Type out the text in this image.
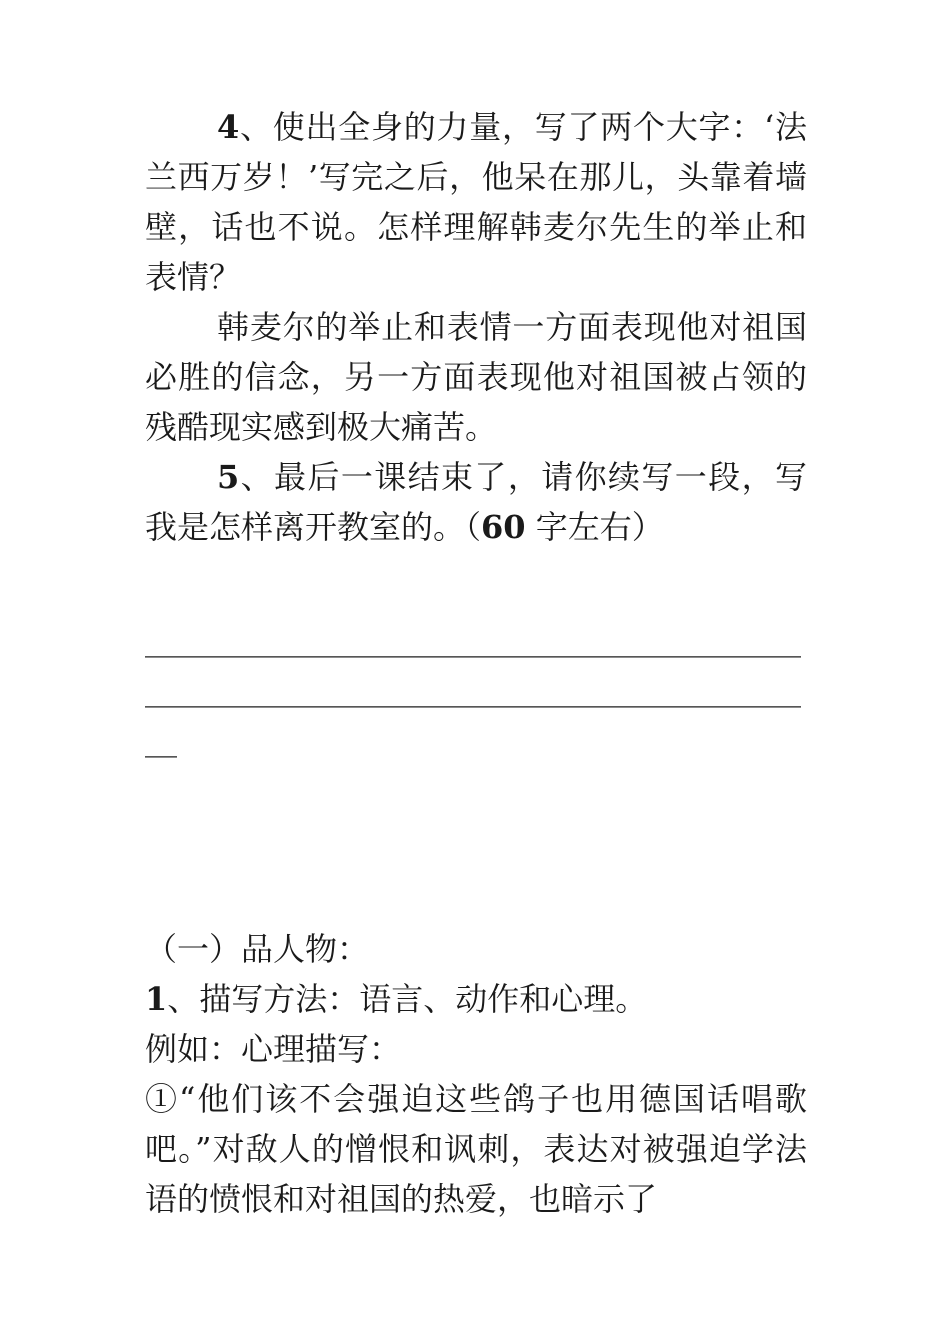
4、使出全身的力量，写了两个大字：‘法兰西万岁！’写完之后，他呆在那儿，头靠着墙壁，话也不说。怎样理解韩麦尔先生的举止和表情？

韩麦尔的举止和表情一方面表现他对祖国必胜的信念，另一方面表现他对祖国被占领的残酷现实感到极大痛苦。

5、最后一课结束了，请你续写一段，写我是怎样离开教室的。（60 字左右）

____________________________________________________________________________________

（一）品人物：

1、描写方法：语言、动作和心理。

例如：心理描写：

①“他们该不会强迫这些鸽子也用德国话唱歌吧。”对敌人的憎恨和讽刺，表达对被强迫学法语的愤恨和对祖国的热爱，也暗示了
